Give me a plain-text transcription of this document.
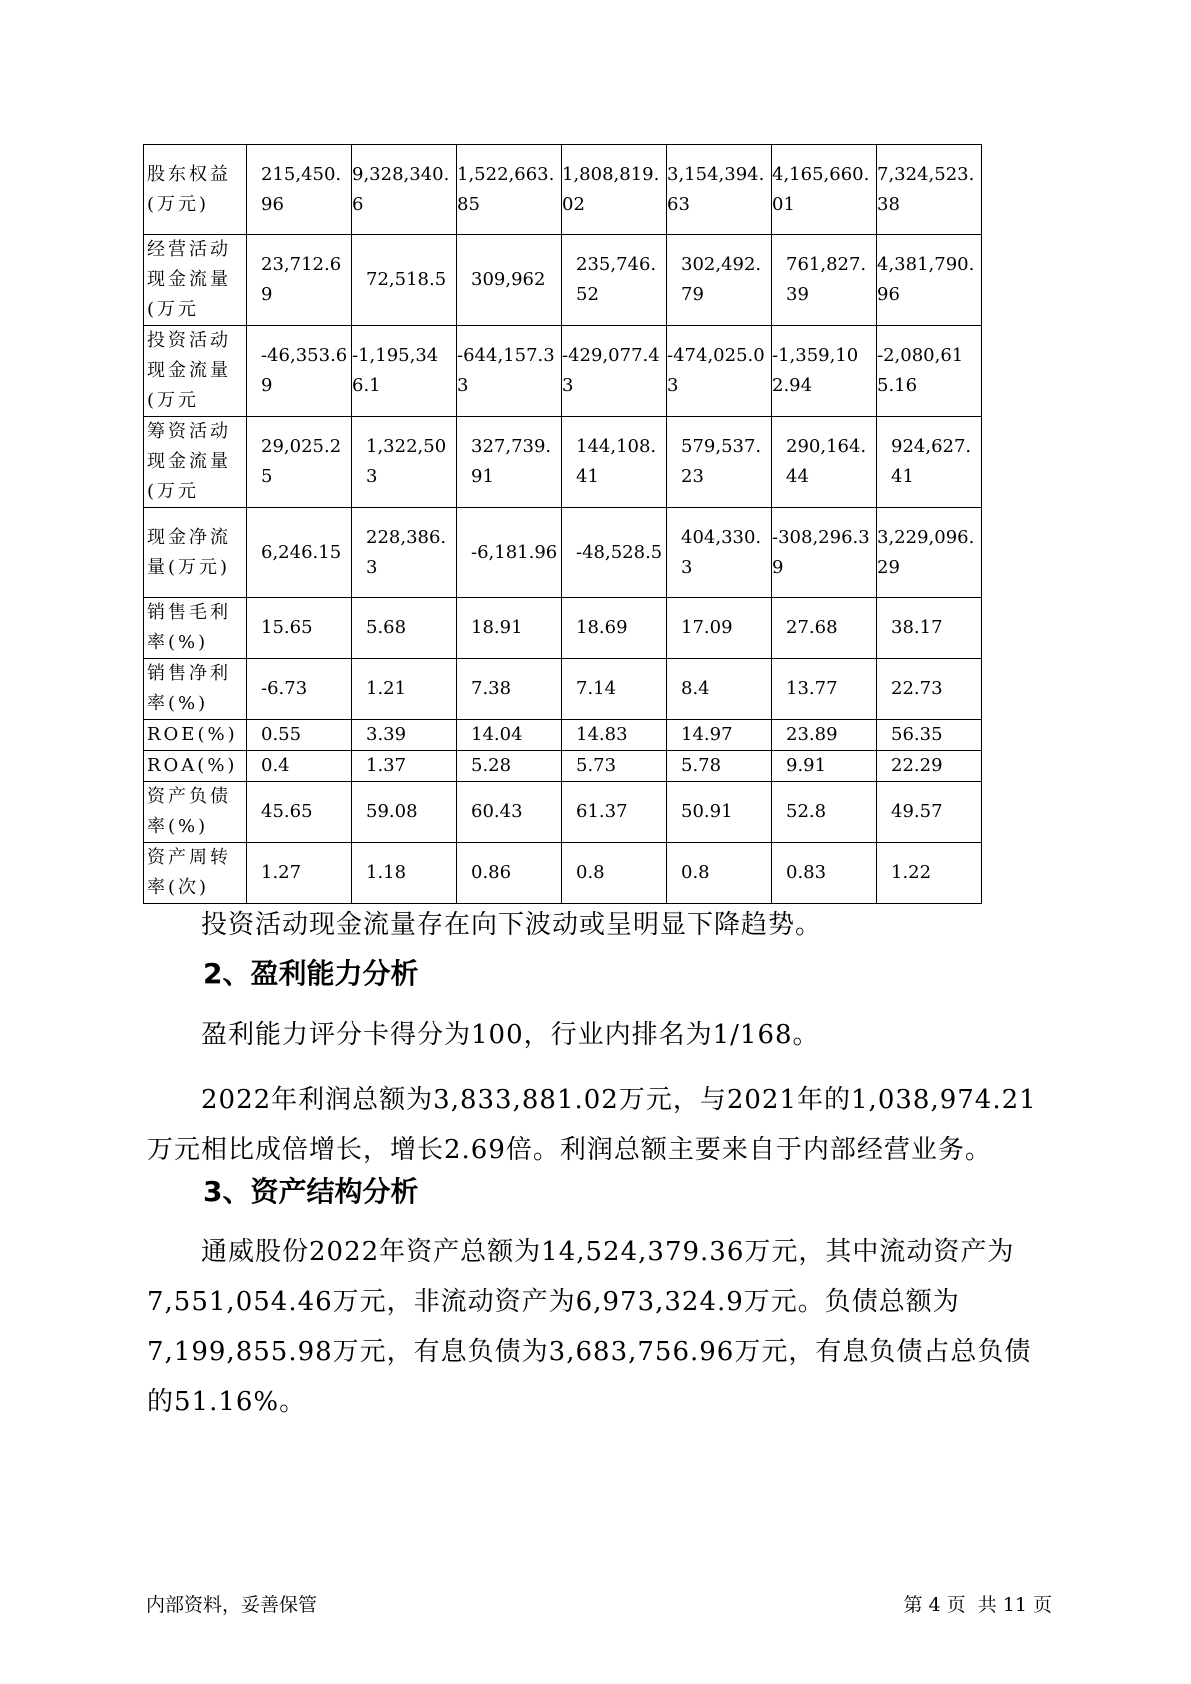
股东权益(万元)	215,450.96	9,328,340.6	1,522,663.85	1,808,819.02	3,154,394.63	4,165,660.01	7,324,523.38
经营活动现金流量(万元	23,712.69	72,518.5	309,962	235,746.52	302,492.79	761,827.39	4,381,790.96
投资活动现金流量(万元	-46,353.69	-1,195,346.1	-644,157.33	-429,077.43	-474,025.03	-1,359,102.94	-2,080,615.16
筹资活动现金流量(万元	29,025.25	1,322,503	327,739.91	144,108.41	579,537.23	290,164.44	924,627.41
现金净流量(万元)	6,246.15	228,386.3	-6,181.96	-48,528.5	404,330.3	-308,296.39	3,229,096.29
销售毛利率(%)	15.65	5.68	18.91	18.69	17.09	27.68	38.17
销售净利率(%)	-6.73	1.21	7.38	7.14	8.4	13.77	22.73
ROE(%)	0.55	3.39	14.04	14.83	14.97	23.89	56.35
ROA(%)	0.4	1.37	5.28	5.73	5.78	9.91	22.29
资产负债率(%)	45.65	59.08	60.43	61.37	50.91	52.8	49.57
资产周转率(次)	1.27	1.18	0.86	0.8	0.8	0.83	1.22
投资活动现金流量存在向下波动或呈明显下降趋势。
2、盈利能力分析
盈利能力评分卡得分为100，行业内排名为1/168。
2022年利润总额为3,833,881.02万元，与2021年的1,038,974.21万元相比成倍增长，增长2.69倍。利润总额主要来自于内部经营业务。
3、资产结构分析
通威股份2022年资产总额为14,524,379.36万元，其中流动资产为7,551,054.46万元，非流动资产为6,973,324.9万元。负债总额为7,199,855.98万元，有息负债为3,683,756.96万元，有息负债占总负债的51.16%。
内部资料，妥善保管	第 4 页  共 11 页
